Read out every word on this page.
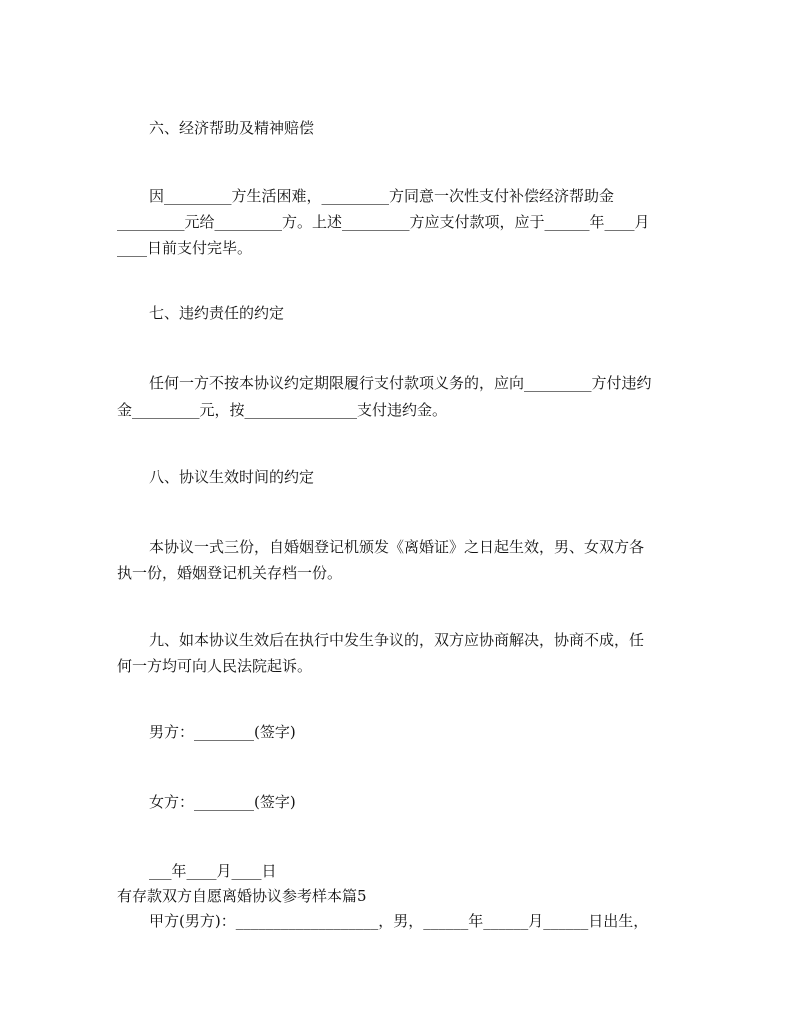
六、经济帮助及精神赔偿

因_________方生活困难，_________方同意一次性支付补偿经济帮助金

_________元给_________方。上述_________方应支付款项，应于______年____月

____日前支付完毕。

七、违约责任的约定

任何一方不按本协议约定期限履行支付款项义务的，应向_________方付违约

金_________元，按_______________支付违约金。

八、协议生效时间的约定

本协议一式三份，自婚姻登记机颁发《离婚证》之日起生效，男、女双方各

执一份，婚姻登记机关存档一份。

九、如本协议生效后在执行中发生争议的，双方应协商解决，协商不成，任

何一方均可向人民法院起诉。

男方：________(签字)

女方：________(签字)

___年____月____日

有存款双方自愿离婚协议参考样本篇5

甲方(男方)：___________________，男，______年______月______日出生，
